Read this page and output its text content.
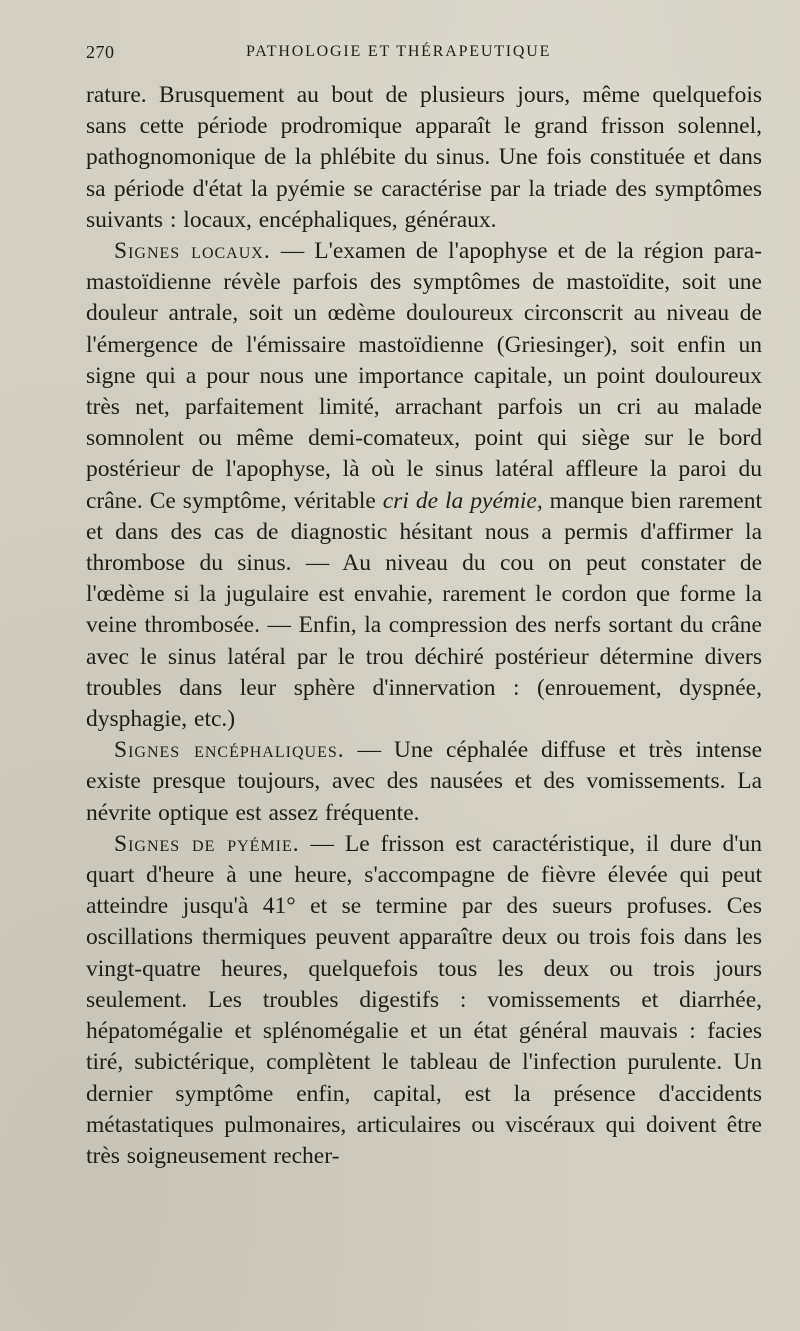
270	PATHOLOGIE ET THÉRAPEUTIQUE

rature. Brusquement au bout de plusieurs jours, même quelquefois sans cette période prodromique apparaît le grand frisson solennel, pathognomonique de la phlébite du sinus. Une fois constituée et dans sa période d'état la pyémie se caractérise par la triade des symptômes suivants : locaux, encéphaliques, généraux.

Signes locaux. — L'examen de l'apophyse et de la région para-mastoïdienne révèle parfois des symptômes de mastoïdite, soit une douleur antrale, soit un œdème douloureux circonscrit au niveau de l'émergence de l'émissaire mastoïdienne (Griesinger), soit enfin un signe qui a pour nous une importance capitale, un point douloureux très net, parfaitement limité, arrachant parfois un cri au malade somnolent ou même demi-comateux, point qui siège sur le bord postérieur de l'apophyse, là où le sinus latéral affleure la paroi du crâne. Ce symptôme, véritable cri de la pyémie, manque bien rarement et dans des cas de diagnostic hésitant nous a permis d'affirmer la thrombose du sinus. — Au niveau du cou on peut constater de l'œdème si la jugulaire est envahie, rarement le cordon que forme la veine thrombosée. — Enfin, la compression des nerfs sortant du crâne avec le sinus latéral par le trou déchiré postérieur détermine divers troubles dans leur sphère d'innervation : (enrouement, dyspnée, dysphagie, etc.)

Signes encéphaliques. — Une céphalée diffuse et très intense existe presque toujours, avec des nausées et des vomissements. La névrite optique est assez fréquente.

Signes de pyémie. — Le frisson est caractéristique, il dure d'un quart d'heure à une heure, s'accompagne de fièvre élevée qui peut atteindre jusqu'à 41° et se termine par des sueurs profuses. Ces oscillations thermiques peuvent apparaître deux ou trois fois dans les vingt-quatre heures, quelquefois tous les deux ou trois jours seulement. Les troubles digestifs : vomissements et diarrhée, hépatomégalie et splénomégalie et un état général mauvais : facies tiré, subictérique, complètent le tableau de l'infection purulente. Un dernier symptôme enfin, capital, est la présence d'accidents métastatiques pulmonaires, articulaires ou viscéraux qui doivent être très soigneusement recher-
